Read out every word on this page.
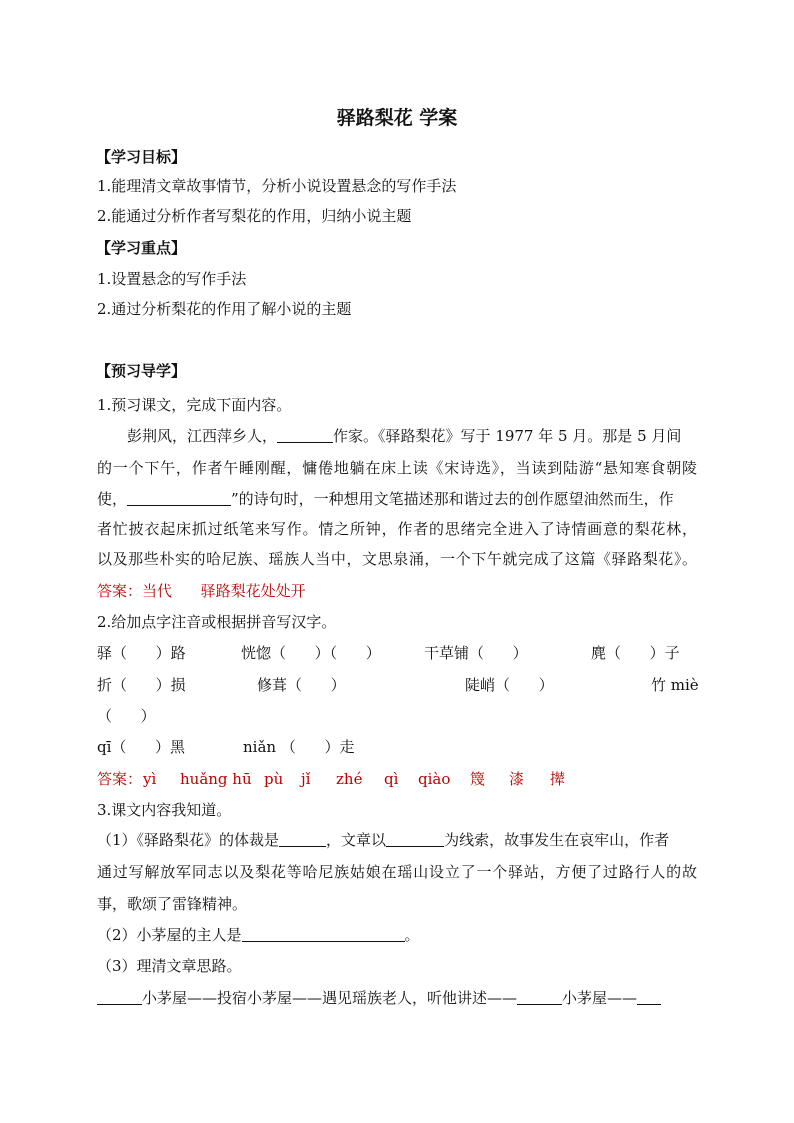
驿路梨花 学案
【学习目标】
1.能理清文章故事情节，分析小说设置悬念的写作手法
2.能通过分析作者写梨花的作用，归纳小说主题
【学习重点】
1.设置悬念的写作手法
2.通过分析梨花的作用了解小说的主题
【预习导学】
1.预习课文，完成下面内容。
彭荆风，江西萍乡人，	作家。《驿路梨花》写于 1977 年 5 月。那是 5 月间
的一个下午，作者午睡刚醒，慵倦地躺在床上读《宋诗选》，当读到陆游“悬知寒食朝陵
使，	”的诗句时，一种想用文笔描述那和谐过去的创作愿望油然而生，作
者忙披衣起床抓过纸笔来写作。情之所钟，作者的思绪完全进入了诗情画意的梨花林，
以及那些朴实的哈尼族、瑶族人当中，文思泉涌，一个下午就完成了这篇《驿路梨花》。
答案：当代      驿路梨花处处开
2.给加点字注音或根据拼音写汉字。
驿（      ）路	恍惚（      ）（      ）	干草铺（      ）	麂（      ）子
折（      ）损	修葺（      ）	陡峭（      ）	竹 miè
（      ）
qī（      ）黑	niǎn （      ）走
答案： yì huǎng hū pù jǐ zhé qì qiào 篾 漆 撵
3.课文内容我知道。
（1）《驿路梨花》的体裁是	，文章以	为线索，故事发生在哀牢山，作者
通过写解放军同志以及梨花等哈尼族姑娘在瑶山设立了一个驿站，方便了过路行人的故
事，歌颂了雷锋精神。
（2）小茅屋的主人是	。
（3）理清文章思路。
小茅屋——投宿小茅屋——遇见瑶族老人，听他讲述——	小茅屋——
